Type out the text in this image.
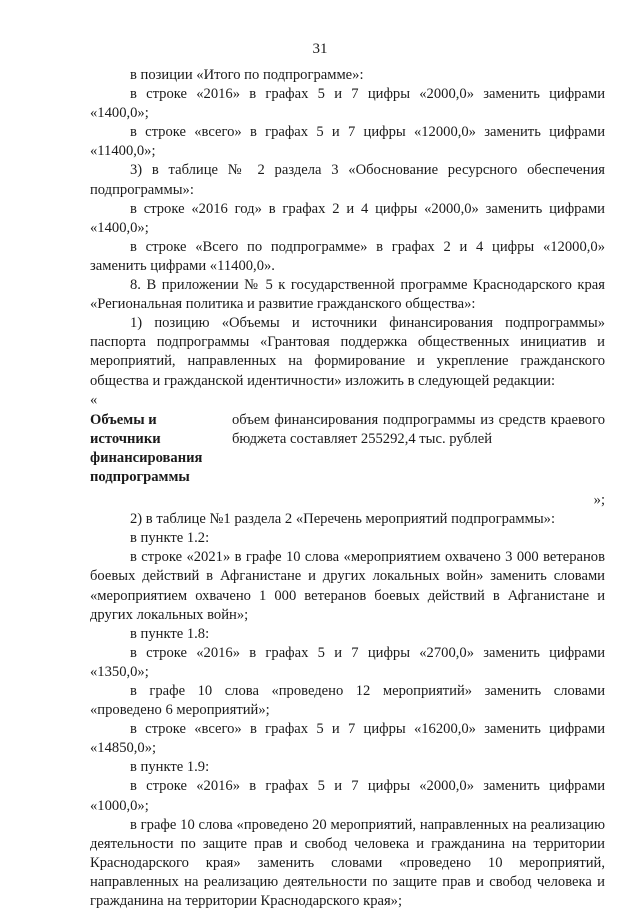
31

в позиции «Итого по подпрограмме»:

в строке «2016» в графах 5 и 7 цифры «2000,0» заменить цифрами «1400,0»;

в строке «всего» в графах 5 и 7 цифры «12000,0» заменить цифрами «11400,0»;

3) в таблице № 2 раздела 3 «Обоснование ресурсного обеспечения подпрограммы»:

в строке «2016 год» в графах 2 и 4 цифры «2000,0» заменить цифрами «1400,0»;

в строке «Всего по подпрограмме» в графах 2 и 4 цифры «12000,0» заменить цифрами «11400,0».

8. В приложении № 5 к государственной программе Краснодарского края «Региональная политика и развитие гражданского общества»:

1) позицию «Объемы и источники финансирования подпрограммы» паспорта подпрограммы «Грантовая поддержка общественных инициатив и мероприятий, направленных на формирование и укрепление гражданского общества и гражданской идентичности» изложить в следующей редакции:

«

Объемы и источники финансирования подпрограммы
объем финансирования подпрограммы из средств краевого бюджета составляет 255292,4 тыс. рублей

»;

2) в таблице №1 раздела 2 «Перечень мероприятий подпрограммы»:

в пункте 1.2:

в строке «2021» в графе 10 слова «мероприятием охвачено 3 000 ветеранов боевых действий в Афганистане и других локальных войн» заменить словами «мероприятием охвачено 1 000 ветеранов боевых действий в Афганистане и других локальных войн»;

в пункте 1.8:

в строке «2016» в графах 5 и 7 цифры «2700,0» заменить цифрами «1350,0»;

в графе 10 слова «проведено 12 мероприятий» заменить словами «проведено 6 мероприятий»;

в строке «всего» в графах 5 и 7 цифры «16200,0» заменить цифрами «14850,0»;

в пункте 1.9:

в строке «2016» в графах 5 и 7 цифры «2000,0» заменить цифрами «1000,0»;

в графе 10 слова «проведено 20 мероприятий, направленных на реализацию деятельности по защите прав и свобод человека и гражданина на территории Краснодарского края» заменить словами «проведено 10 мероприятий, направленных на реализацию деятельности по защите прав и свобод человека и гражданина на территории Краснодарского края»;
